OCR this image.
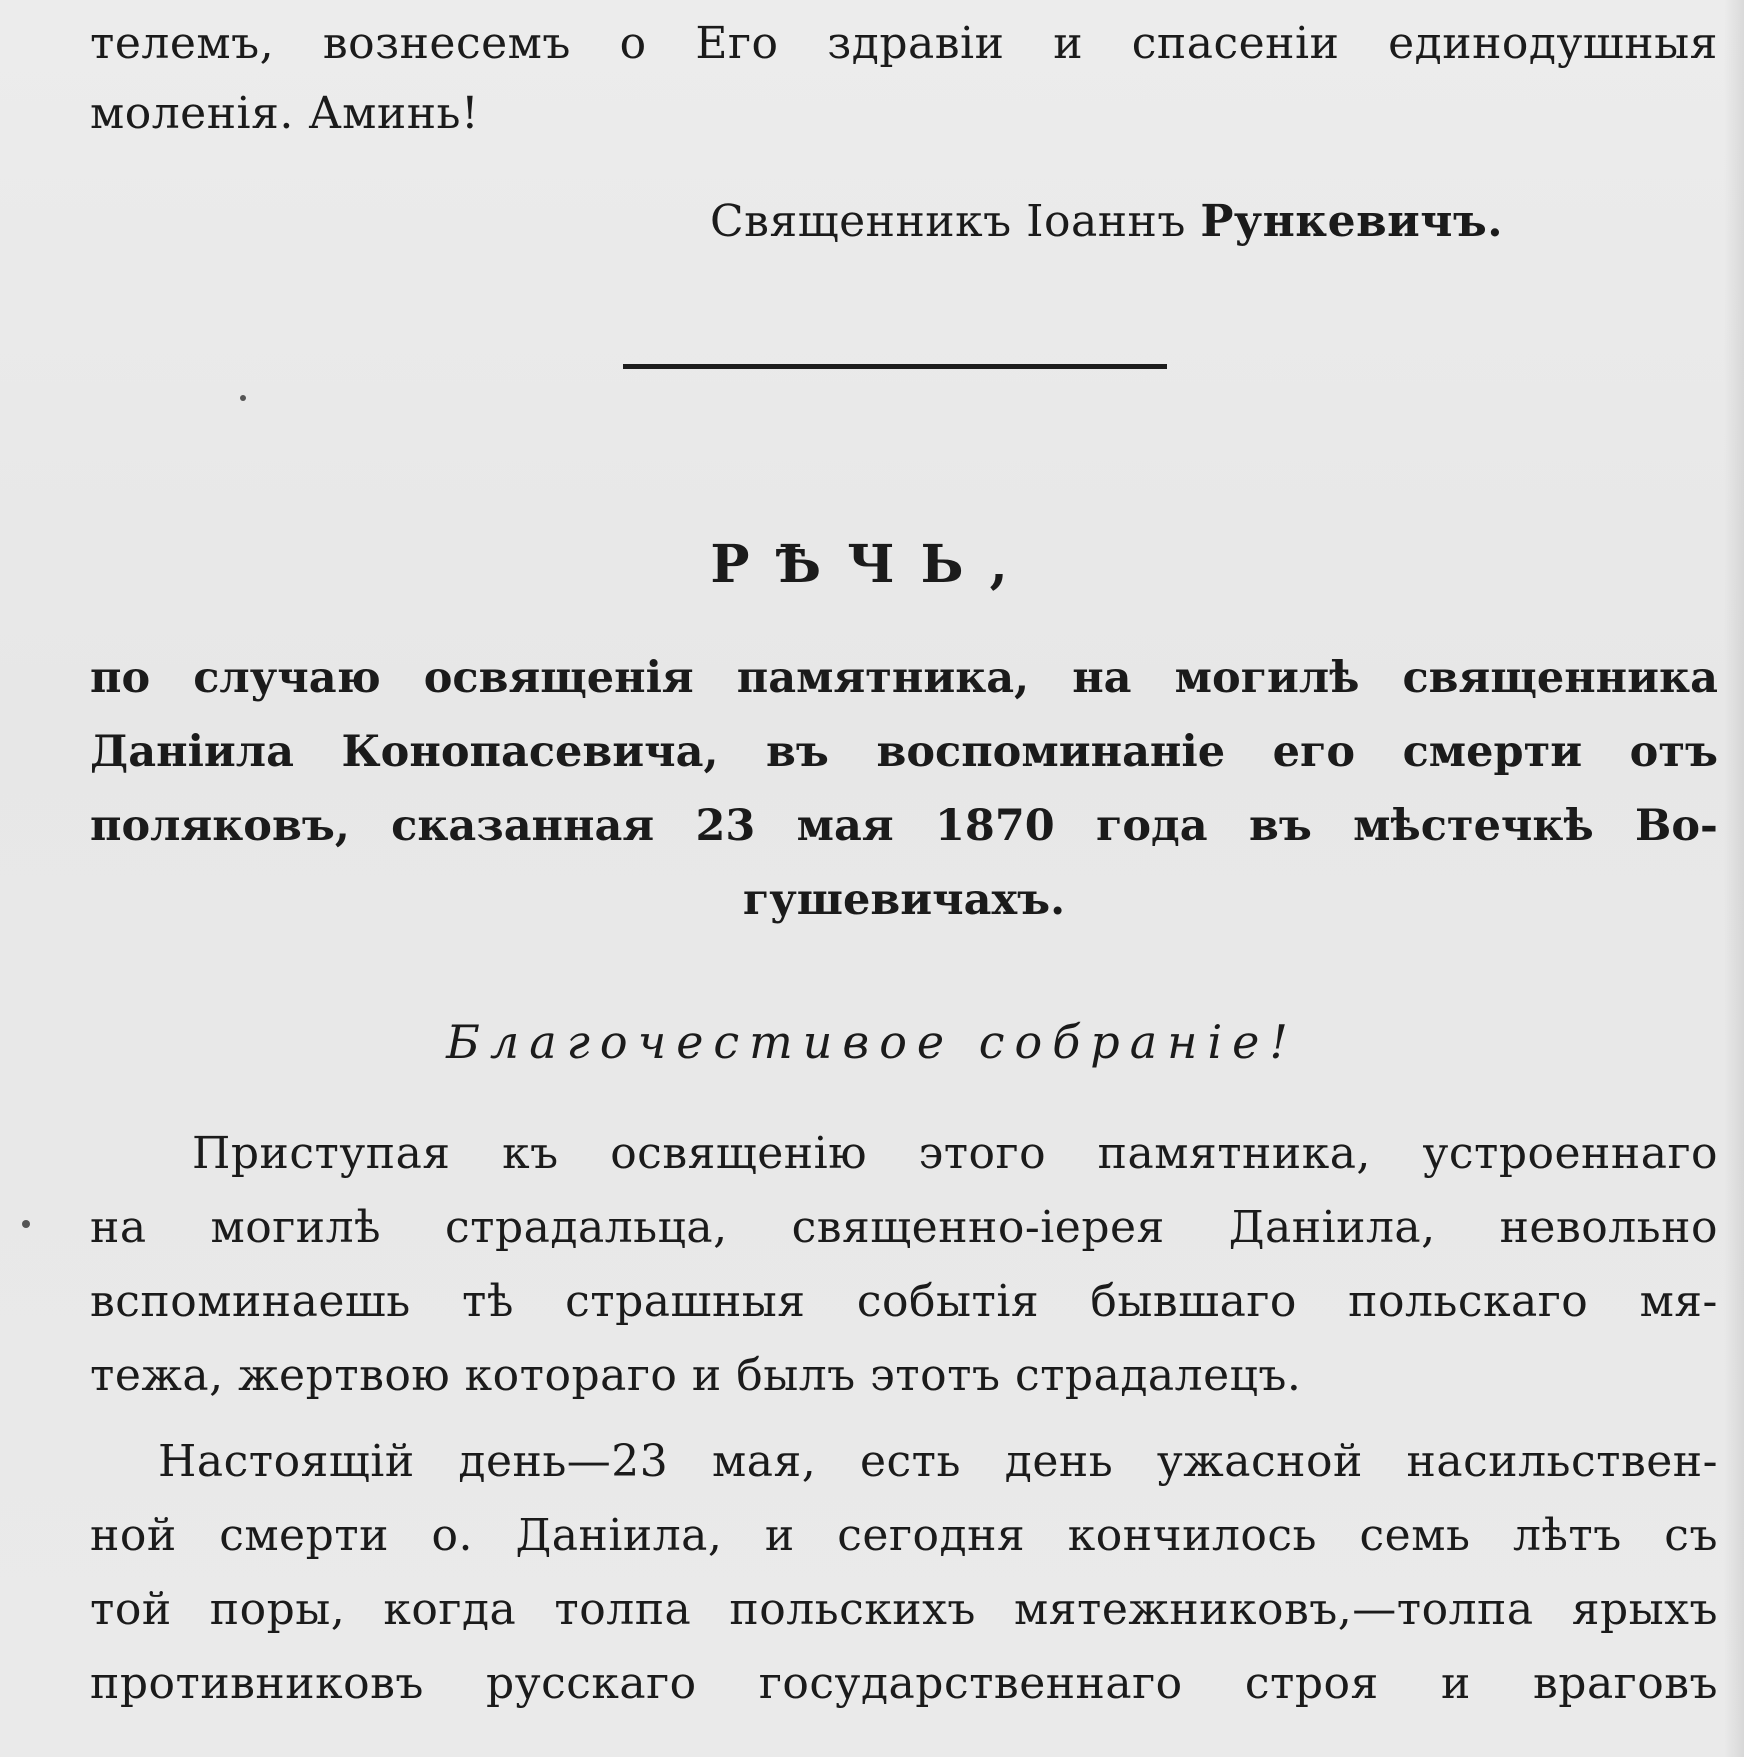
телемъ, вознесемъ о Его здравіи и спасеніи единодушныя
моленія. Аминь!
Священникъ Іоаннъ Рункевичъ.
РѢЧЬ,
по случаю освященія памятника, на могилѣ священника
Даніила Конопасевича, въ воспоминаніе его смерти отъ
поляковъ, сказанная 23 мая 1870 года въ мѣстечкѣ Во-
гушевичахъ.
Благочестивое собраніе!
Приступая къ освященію этого памятника, устроеннаго
на могилѣ страдальца, священно-іерея Даніила, невольно
вспоминаешь тѣ страшныя событія бывшаго польскаго мя-
тежа, жертвою котораго и былъ этотъ страдалецъ.
Настоящій день—23 мая, есть день ужасной насильствен-
ной смерти о. Даніила, и сегодня кончилось семь лѣтъ съ
той поры, когда толпа польскихъ мятежниковъ,—толпа ярыхъ
противниковъ русскаго государственнаго строя и враговъ
